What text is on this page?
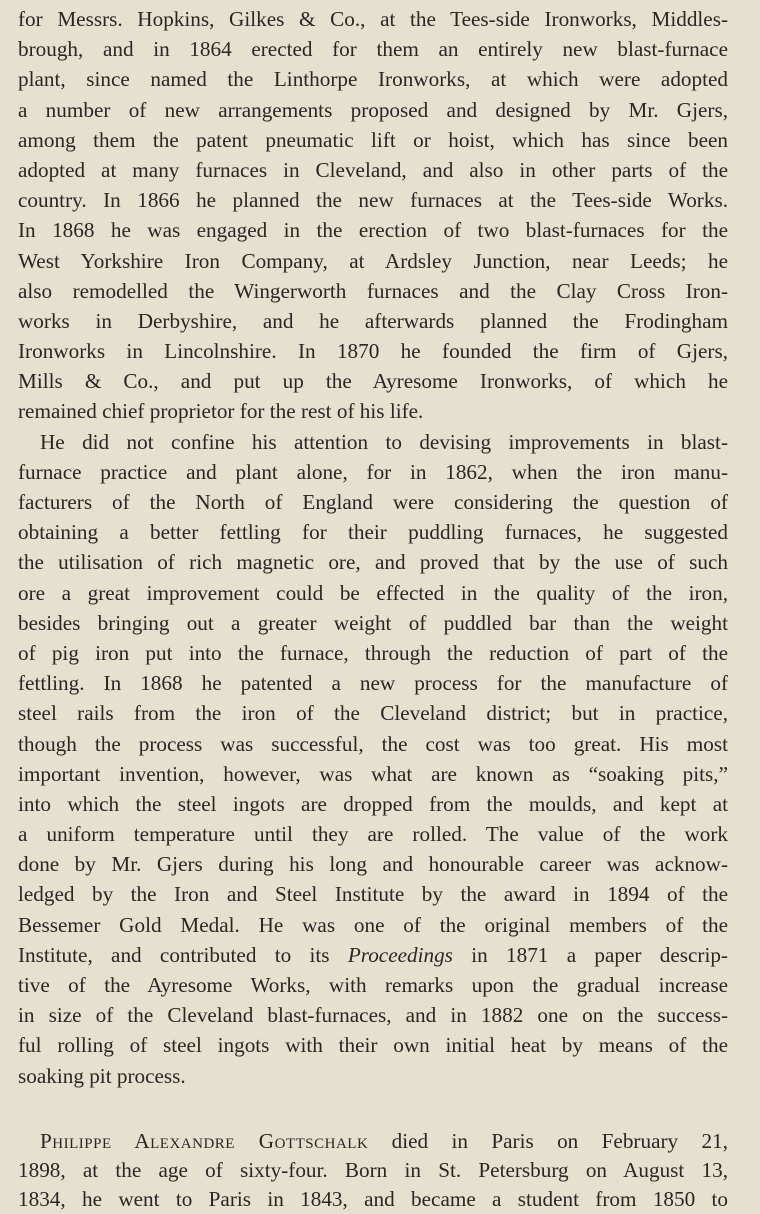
for Messrs. Hopkins, Gilkes & Co., at the Tees-side Ironworks, Middles-
brough, and in 1864 erected for them an entirely new blast-furnace
plant, since named the Linthorpe Ironworks, at which were adopted
a number of new arrangements proposed and designed by Mr. Gjers,
among them the patent pneumatic lift or hoist, which has since been
adopted at many furnaces in Cleveland, and also in other parts of the
country. In 1866 he planned the new furnaces at the Tees-side Works.
In 1868 he was engaged in the erection of two blast-furnaces for the
West Yorkshire Iron Company, at Ardsley Junction, near Leeds; he
also remodelled the Wingerworth furnaces and the Clay Cross Iron-
works in Derbyshire, and he afterwards planned the Frodingham
Ironworks in Lincolnshire. In 1870 he founded the firm of Gjers,
Mills & Co., and put up the Ayresome Ironworks, of which he
remained chief proprietor for the rest of his life.
He did not confine his attention to devising improvements in blast-
furnace practice and plant alone, for in 1862, when the iron manu-
facturers of the North of England were considering the question of
obtaining a better fettling for their puddling furnaces, he suggested
the utilisation of rich magnetic ore, and proved that by the use of such
ore a great improvement could be effected in the quality of the iron,
besides bringing out a greater weight of puddled bar than the weight
of pig iron put into the furnace, through the reduction of part of the
fettling. In 1868 he patented a new process for the manufacture of
steel rails from the iron of the Cleveland district; but in practice,
though the process was successful, the cost was too great. His most
important invention, however, was what are known as “soaking pits,”
into which the steel ingots are dropped from the moulds, and kept at
a uniform temperature until they are rolled. The value of the work
done by Mr. Gjers during his long and honourable career was acknow-
ledged by the Iron and Steel Institute by the award in 1894 of the
Bessemer Gold Medal. He was one of the original members of the
Institute, and contributed to its Proceedings in 1871 a paper descrip-
tive of the Ayresome Works, with remarks upon the gradual increase
in size of the Cleveland blast-furnaces, and in 1882 one on the success-
ful rolling of steel ingots with their own initial heat by means of the
soaking pit process.
Philippe Alexandre Gottschalk died in Paris on February 21,
1898, at the age of sixty-four. Born in St. Petersburg on August 13,
1834, he went to Paris in 1843, and became a student from 1850 to
